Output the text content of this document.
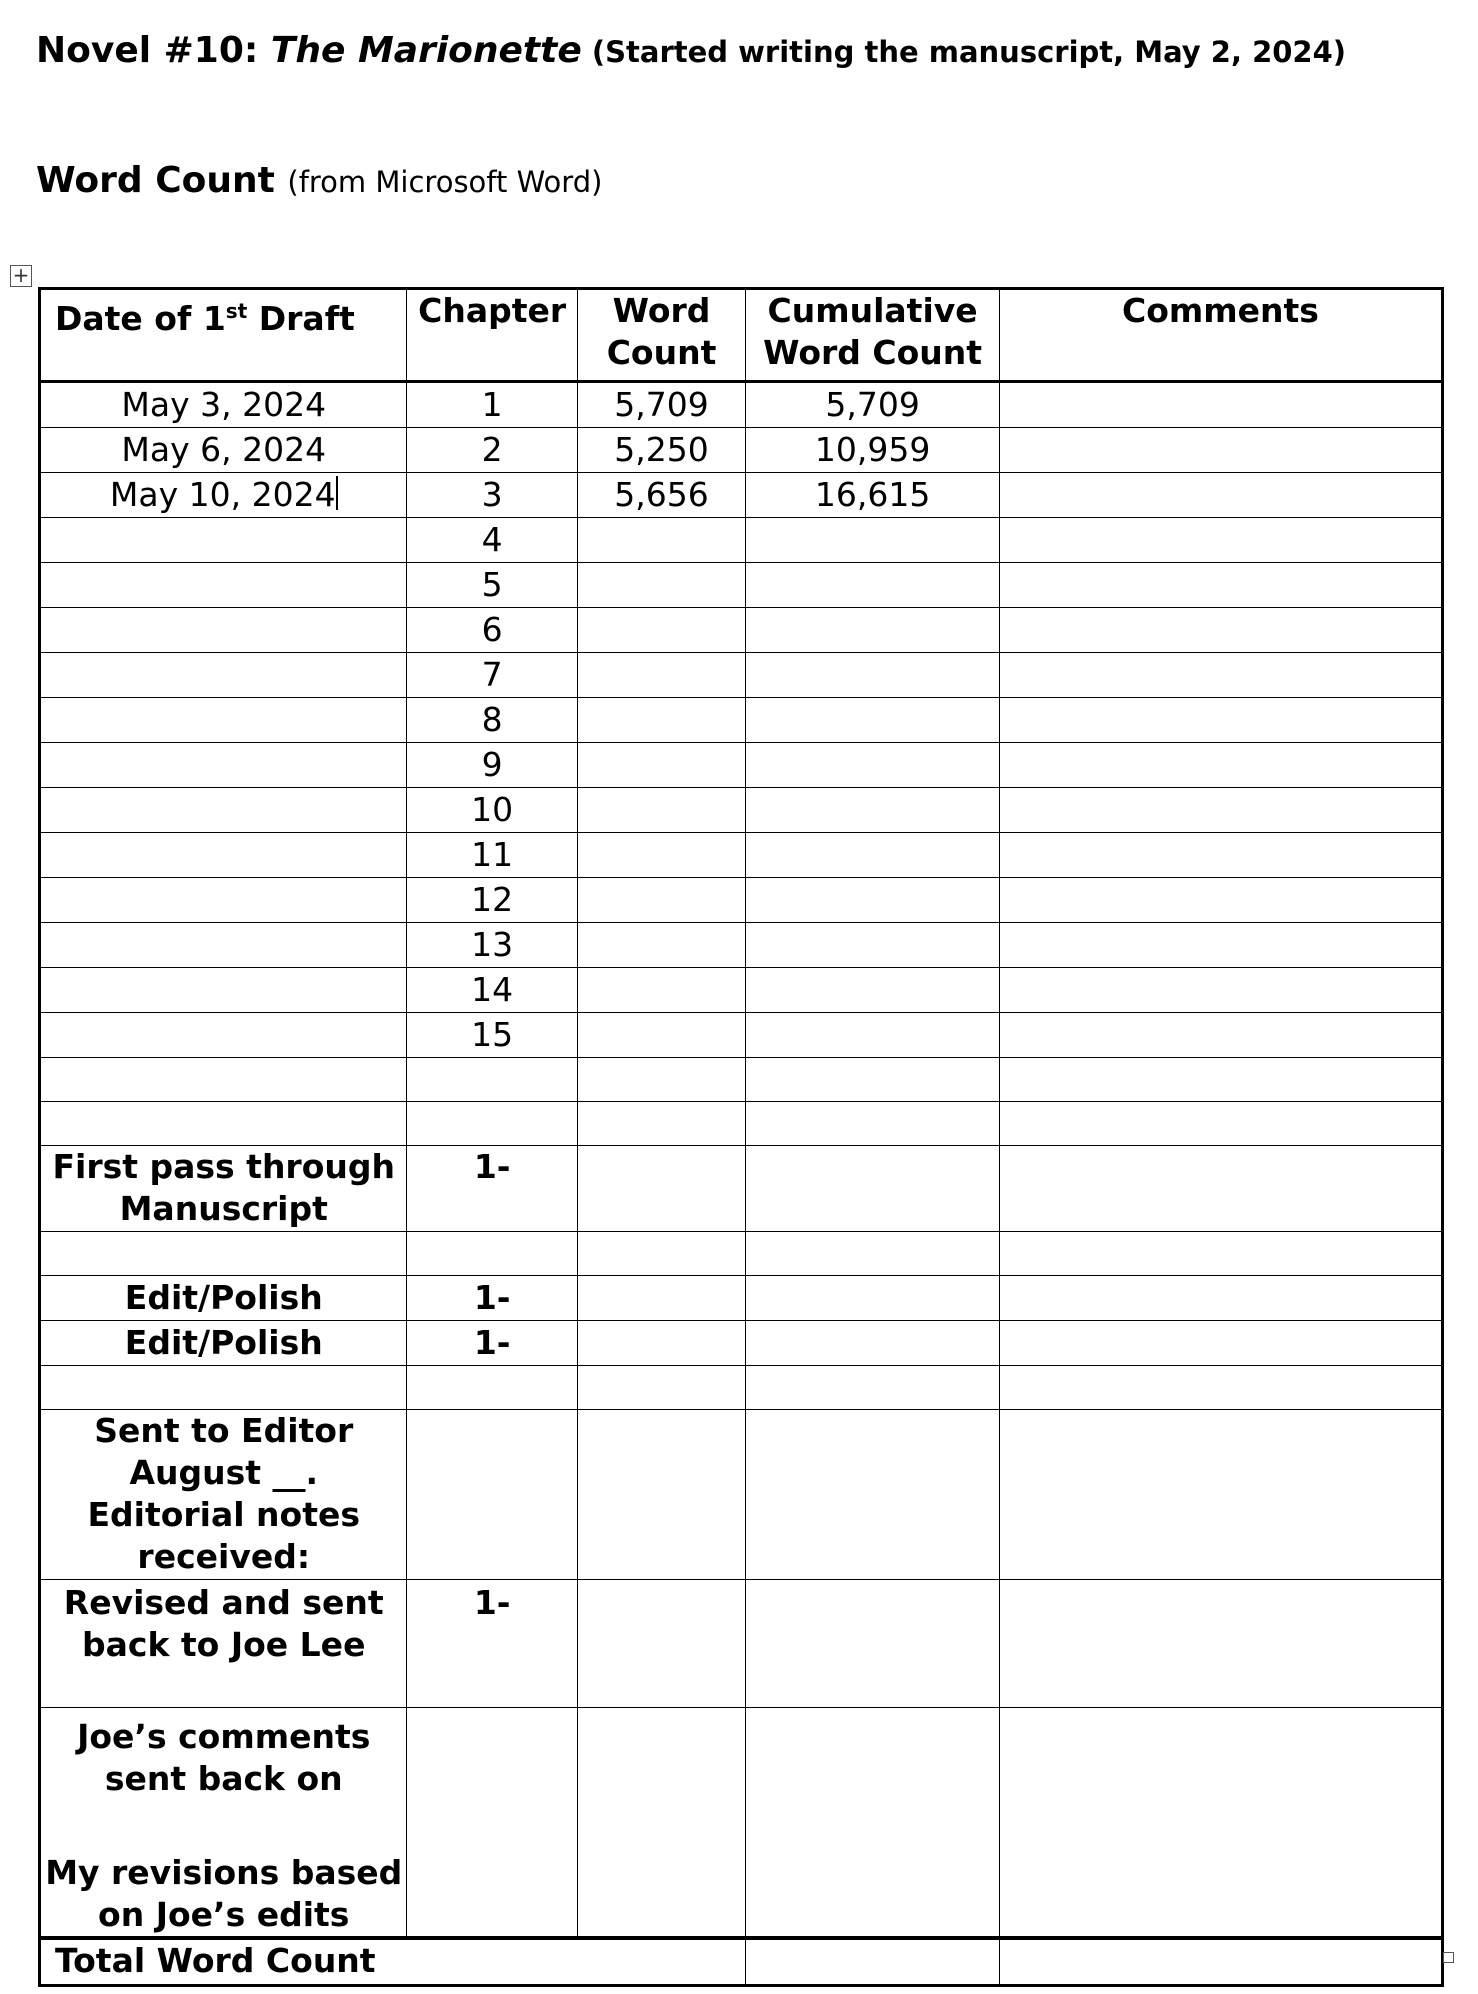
Novel #10: The Marionette (Started writing the manuscript, May 2, 2024)
Word Count (from Microsoft Word)
+
Date of 1st Draft	Chapter	Word Count	Cumulative Word Count	Comments
May 3, 2024	1	5,709	5,709	
May 6, 2024	2	5,250	10,959	
May 10, 2024	3	5,656	16,615	
	4			
	5			
	6			
	7			
	8			
	9			
	10			
	11			
	12			
	13			
	14			
	15			

First pass through
Manuscript	1-			

Edit/Polish	1-			
Edit/Polish	1-			

Sent to Editor
August __.
Editorial notes
received:				
Revised and sent
back to Joe Lee	1-			
Joe’s comments
sent back on

My revisions based
on Joe’s edits				
Total Word Count				
